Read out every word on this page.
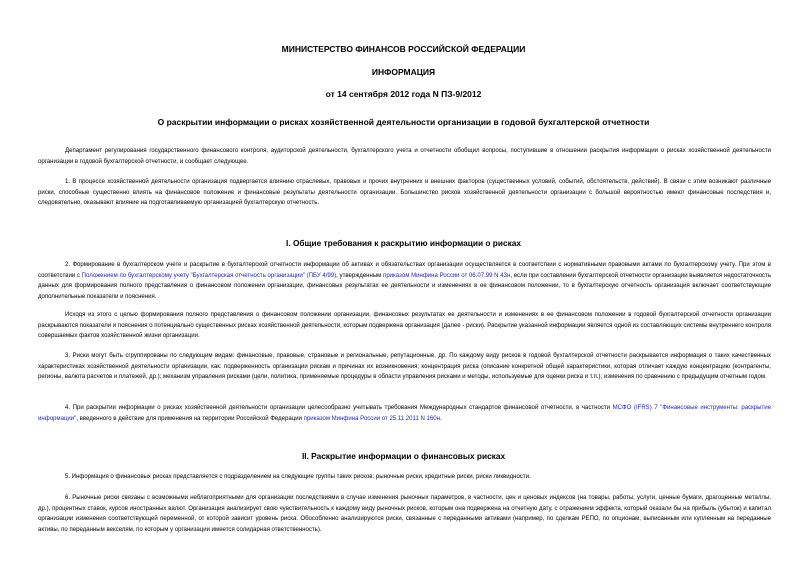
МИНИСТЕРСТВО ФИНАНСОВ РОССИЙСКОЙ ФЕДЕРАЦИИ
ИНФОРМАЦИЯ
от 14 сентября 2012 года N ПЗ-9/2012
О раскрытии информации о рисках хозяйственной деятельности организации в годовой бухгалтерской отчетности
Департамент регулирования государственного финансового контроля, аудиторской деятельности, бухгалтерского учета и отчетности обобщил вопросы, поступившие в отношении раскрытия информации о рисках хозяйственной деятельности организации в годовой бухгалтерской отчетности, и сообщает следующее.
1. В процессе хозяйственной деятельности организация подвергается влиянию отраслевых, правовых и прочих внутренних и внешних факторов (существенных условий, событий, обстоятельств, действий). В связи с этим возникают различные риски, способные существенно влиять на финансовое положение и финансовые результаты деятельности организации. Большинство рисков хозяйственной деятельности организации с большой вероятностью имеют финансовые последствия и, следовательно, оказывают влияние на подготавливаемую организацией бухгалтерскую отчетность.
I. Общие требования к раскрытию информации о рисках
2. Формирование в бухгалтерском учете и раскрытие в бухгалтерской отчетности информации об активах и обязательствах организации осуществляется в соответствии с нормативными правовыми актами по бухгалтерскому учету. При этом в соответствии с Положением по бухгалтерскому учету "Бухгалтерская отчетность организации" (ПБУ 4/99), утвержденным приказом Минфина России от 06.07.99 N 43н, если при составлении бухгалтерской отчетности организации выявляется недостаточность данных для формирования полного представления о финансовом положении организации, финансовых результатах ее деятельности и изменениях в ее финансовом положении, то в бухгалтерскую отчетность организация включает соответствующие дополнительные показатели и пояснения.
Исходя из этого с целью формирования полного представления о финансовом положении организации, финансовых результатах ее деятельности и изменениях в ее финансовом положении в годовой бухгалтерской отчетности организации раскрываются показатели и пояснения о потенциально существенных рисках хозяйственной деятельности, которым подвержена организация (далее - риски). Раскрытие указанной информации является одной из составляющих системы внутреннего контроля совершаемых фактов хозяйственной жизни организации.
3. Риски могут быть сгруппированы по следующим видам: финансовые, правовые, страновые и региональные, репутационные, др. По каждому виду рисков в годовой бухгалтерской отчетности раскрывается информация о таких качественных характеристиках хозяйственной деятельности организации, как: подверженность организации рискам и причинах их возникновения; концентрация риска (описание конкретной общей характеристики, которая отличает каждую концентрацию (контрагенты, регионы, валюта расчетов и платежей, др.); механизм управления рисками (цели, политика, применяемые процедуры в области управления рисками и методы, используемые для оценки риска и т.п.); изменения по сравнению с предыдущим отчетным годом.
4. При раскрытии информации о рисках хозяйственной деятельности организации целесообразно учитывать требования Международных стандартов финансовой отчетности, в частности МСФО (IFRS) 7 "Финансовые инструменты: раскрытие информации", введенного в действие для применения на территории Российской Федерации приказом Минфина России от 25.11.2011 N 160н.
II. Раскрытие информации о финансовых рисках
5. Информация о финансовых рисках представляется с подразделением на следующие группы таких рисков: рыночные риски, кредитные риски, риски ликвидности.
6. Рыночные риски связаны с возможными неблагоприятными для организации последствиями в случае изменения рыночных параметров, в частности, цен и ценовых индексов (на товары, работы, услуги, ценные бумаги, драгоценные металлы, др.), процентных ставок, курсов иностранных валют. Организация анализирует свою чувствительность к каждому виду рыночных рисков, которым она подвержена на отчетную дату, с отражением эффекта, который оказали бы на прибыль (убыток) и капитал организации изменения соответствующей переменной, от которой зависит уровень риска. Обособленно анализируются риски, связанные с переданными активами (например, по сделкам РЕПО, по опционам, выписанным или купленным на переданные активы, по переданным векселям, по которым у организации имеется солидарная ответственность).
